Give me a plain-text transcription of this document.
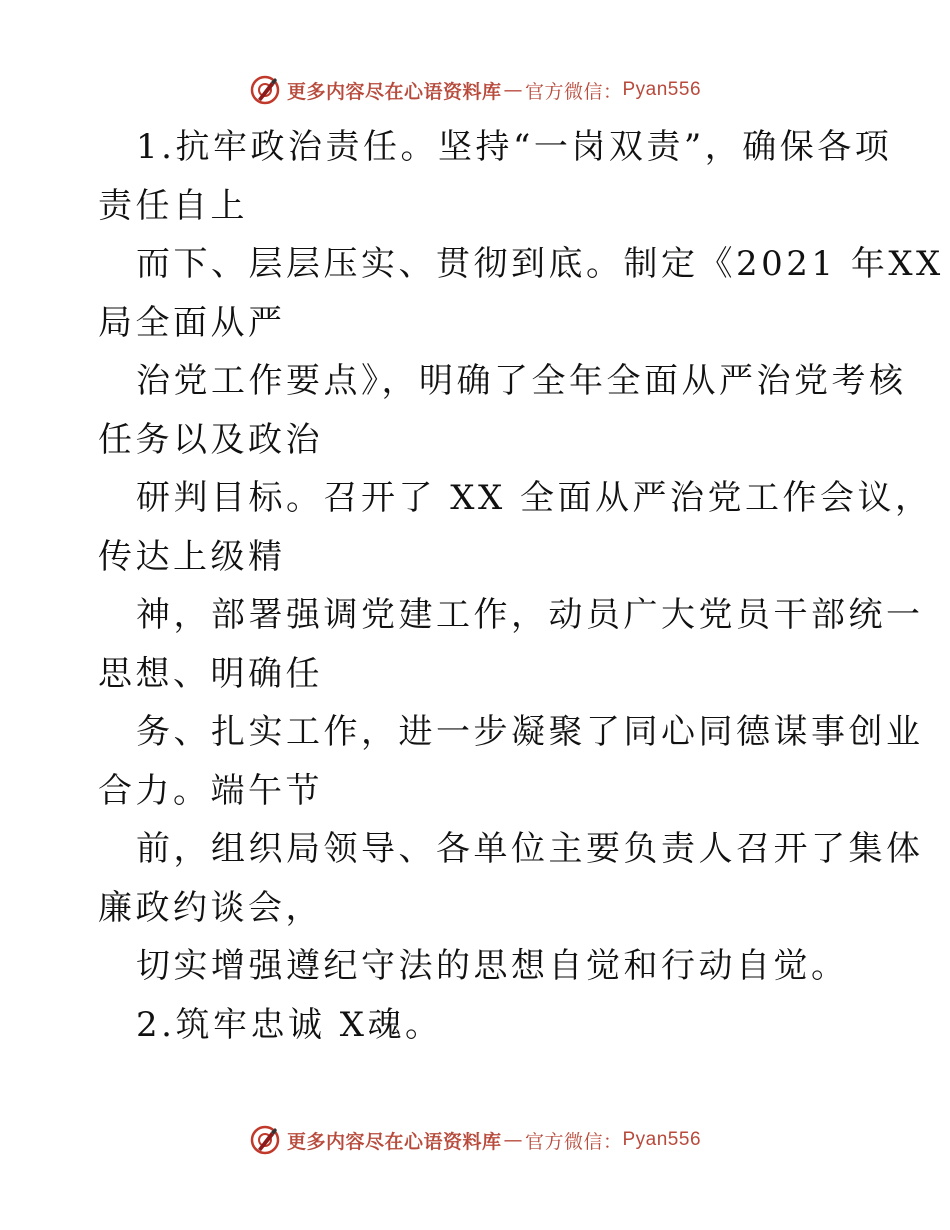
更多内容尽在心语资料库 — 官方微信： Pyan556
1.抗牢政治责任。坚持“一岗双责”，确保各项
责任自上
而下、层层压实、贯彻到底。制定《2021 年XX
局全面从严
治党工作要点》，明确了全年全面从严治党考核
任务以及政治
研判目标。召开了 XX 全面从严治党工作会议，
传达上级精
神，部署强调党建工作，动员广大党员干部统一
思想、明确任
务、扎实工作，进一步凝聚了同心同德谋事创业
合力。端午节
前，组织局领导、各单位主要负责人召开了集体
廉政约谈会，
切实增强遵纪守法的思想自觉和行动自觉。
2.筑牢忠诚 X魂。
更多内容尽在心语资料库 — 官方微信： Pyan556
